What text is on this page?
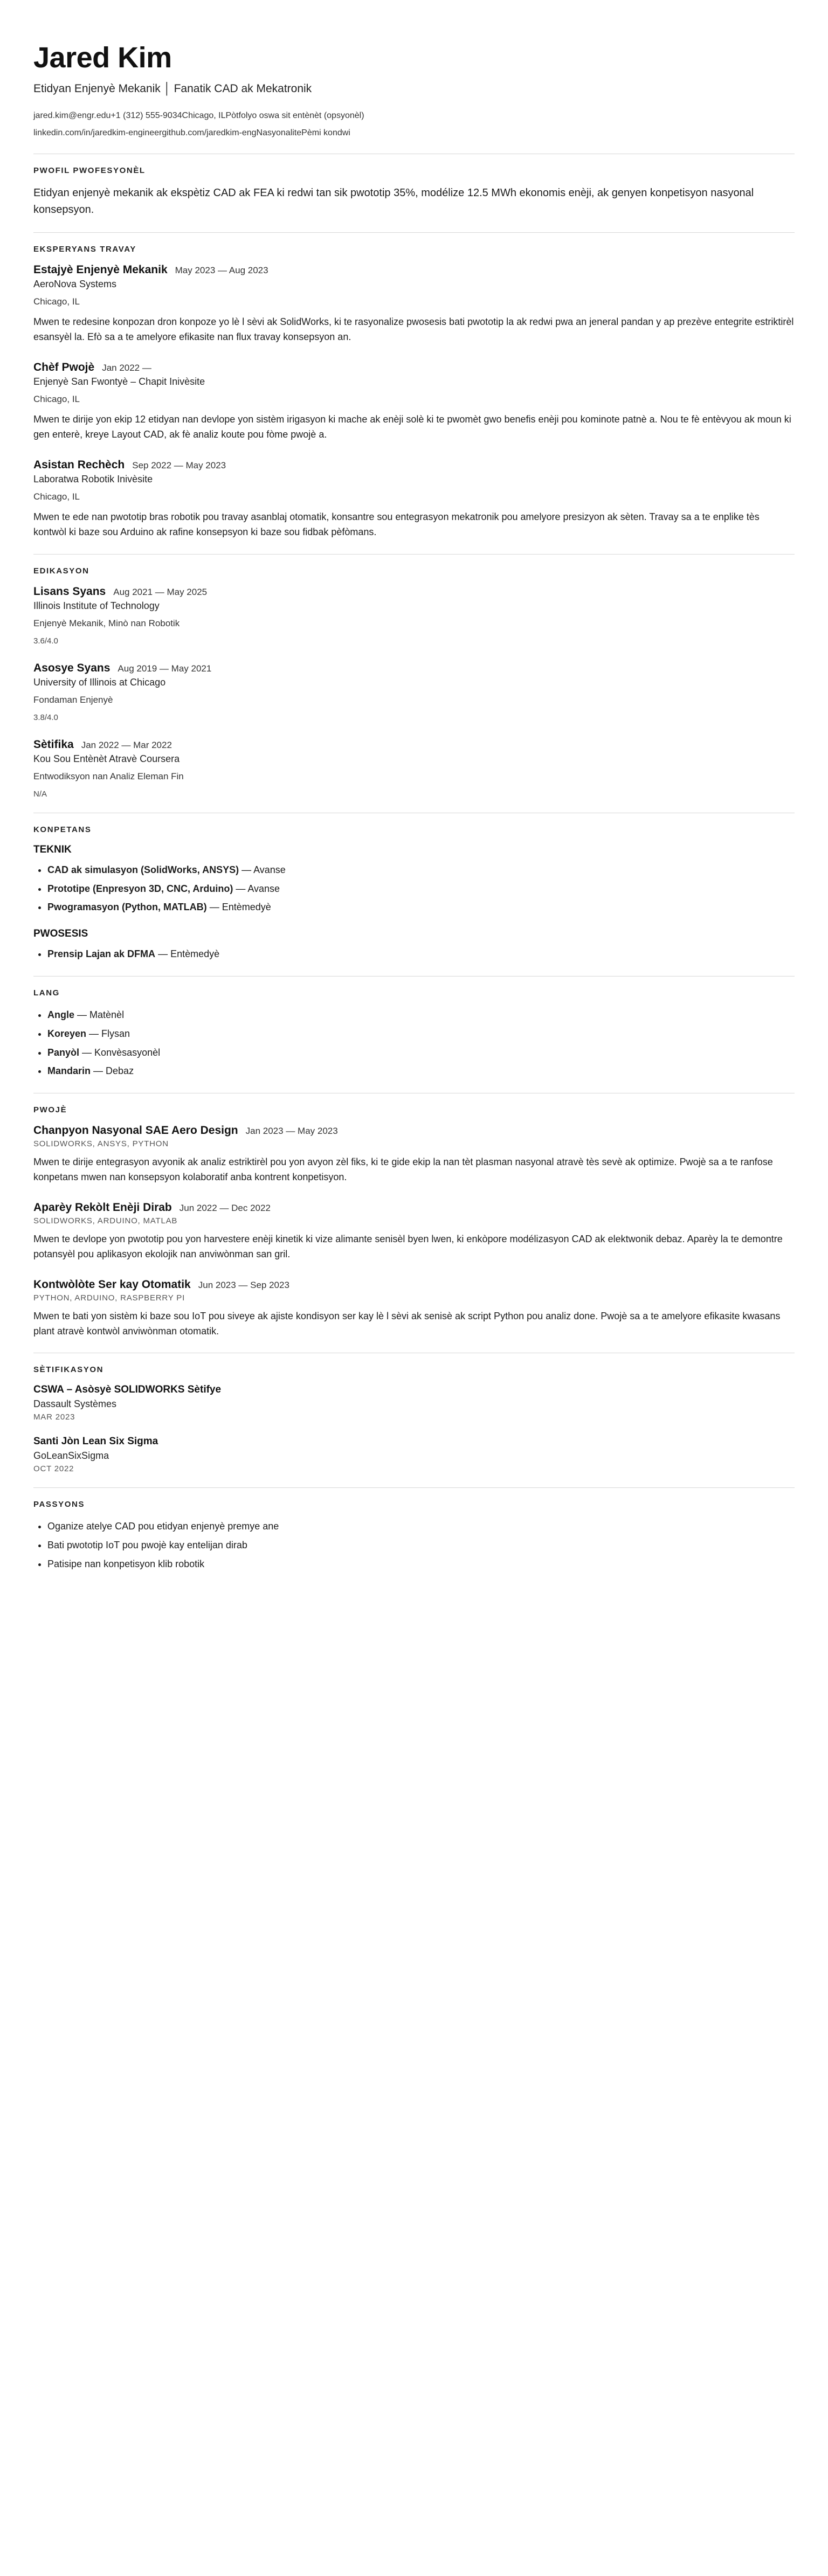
Jared Kim
Etidyan Enjenyè Mekanik │ Fanatik CAD ak Mekatronik
jared.kim@engr.edu+1 (312) 555-9034Chicago, ILPòtfolyo oswa sit entènèt (opsyonèl)
linkedin.com/in/jaredkim-engineergithub.com/jaredkim-engNasyonalitePèmi kondwi
PWOFIL PWOFESYONÈL

Etidyan enjenyè mekanik ak ekspètiz CAD ak FEA ki redwi tan sik pwototip 35%, modélize 12.5 MWh ekonomis enèji, ak genyen konpetisyon nasyonal konsepsyon.

EKSPERYANS TRAVAY
Estajyè Enjenyè Mekanik May 2023 — Aug 2023
AeroNova Systems
Chicago, IL
Mwen te redesine konpozan dron konpoze yo lè l sèvi ak SolidWorks, ki te rasyonalize pwosesis bati pwototip la ak redwi pwa an jeneral pandan y ap prezève entegrite estriktirèl esansyèl la. Efò sa a te amelyore efikasite nan flux travay konsepsyon an.
Chèf Pwojè Jan 2022 —
Enjenyè San Fwontyè – Chapit Inivèsite
Chicago, IL
Mwen te dirije yon ekip 12 etidyan nan devlope yon sistèm irigasyon ki mache ak enèji solè ki te pwomèt gwo benefis enèji pou kominote patnè a. Nou te fè entèvyou ak moun ki gen enterè, kreye Layout CAD, ak fè analiz koute pou fòme pwojè a.
Asistan Rechèch Sep 2022 — May 2023
Laboratwa Robotik Inivèsite
Chicago, IL
Mwen te ede nan pwototip bras robotik pou travay asanblaj otomatik, konsantre sou entegrasyon mekatronik pou amelyore presizyon ak sèten. Travay sa a te enplike tès kontwòl ki baze sou Arduino ak rafine konsepsyon ki baze sou fidbak pèfòmans.
EDIKASYON
Lisans Syans Aug 2021 — May 2025
Illinois Institute of Technology
Enjenyè Mekanik, Minò nan Robotik
3.6/4.0
Asosye Syans Aug 2019 — May 2021
University of Illinois at Chicago
Fondaman Enjenyè
3.8/4.0
Sètifika Jan 2022 — Mar 2022
Kou Sou Entènèt Atravè Coursera
Entwodiksyon nan Analiz Eleman Fin
N/A
KONPETANS
TEKNIK
• CAD ak simulasyon (SolidWorks, ANSYS) — Avanse
• Prototipe (Enpresyon 3D, CNC, Arduino) — Avanse
• Pwogramasyon (Python, MATLAB) — Entèmedyè
PWOSESIS
• Prensip Lajan ak DFMA — Entèmedyè
LANG
• Angle — Matènèl
• Koreyen — Flysan
• Panyòl — Konvèsasyonèl
• Mandarin — Debaz
PWOJÈ
Chanpyon Nasyonal SAE Aero Design Jan 2023 — May 2023
SOLIDWORKS, ANSYS, PYTHON
Mwen te dirije entegrasyon avyonik ak analiz estriktirèl pou yon avyon zèl fiks, ki te gide ekip la nan tèt plasman nasyonal atravè tès sevè ak optimize. Pwojè sa a te ranfose konpetans mwen nan konsepsyon kolaboratif anba kontrent konpetisyon.
Aparèy Rekòlt Enèji Dirab Jun 2022 — Dec 2022
SOLIDWORKS, ARDUINO, MATLAB
Mwen te devlope yon pwototip pou yon harvestere enèji kinetik ki vize alimante senisèl byen lwen, ki enkòpore modélizasyon CAD ak elektwonik debaz. Aparèy la te demontre potansyèl pou aplikasyon ekolojik nan anviwònman san gril.
Kontwòlòte Ser kay Otomatik Jun 2023 — Sep 2023
PYTHON, ARDUINO, RASPBERRY PI
Mwen te bati yon sistèm ki baze sou IoT pou siveye ak ajiste kondisyon ser kay lè l sèvi ak senisè ak script Python pou analiz done. Pwojè sa a te amelyore efikasite kwasans plant atravè kontwòl anviwònman otomatik.
SÈTIFIKASYON
CSWA – Asòsyè SOLIDWORKS Sètifye
Dassault Systèmes
MAR 2023
Santi Jòn Lean Six Sigma
GoLeanSixSigma
OCT 2022
PASSYONS
• Oganize atelye CAD pou etidyan enjenyè premye ane
• Bati pwototip IoT pou pwojè kay entelijan dirab
• Patisipe nan konpetisyon klib robotik
